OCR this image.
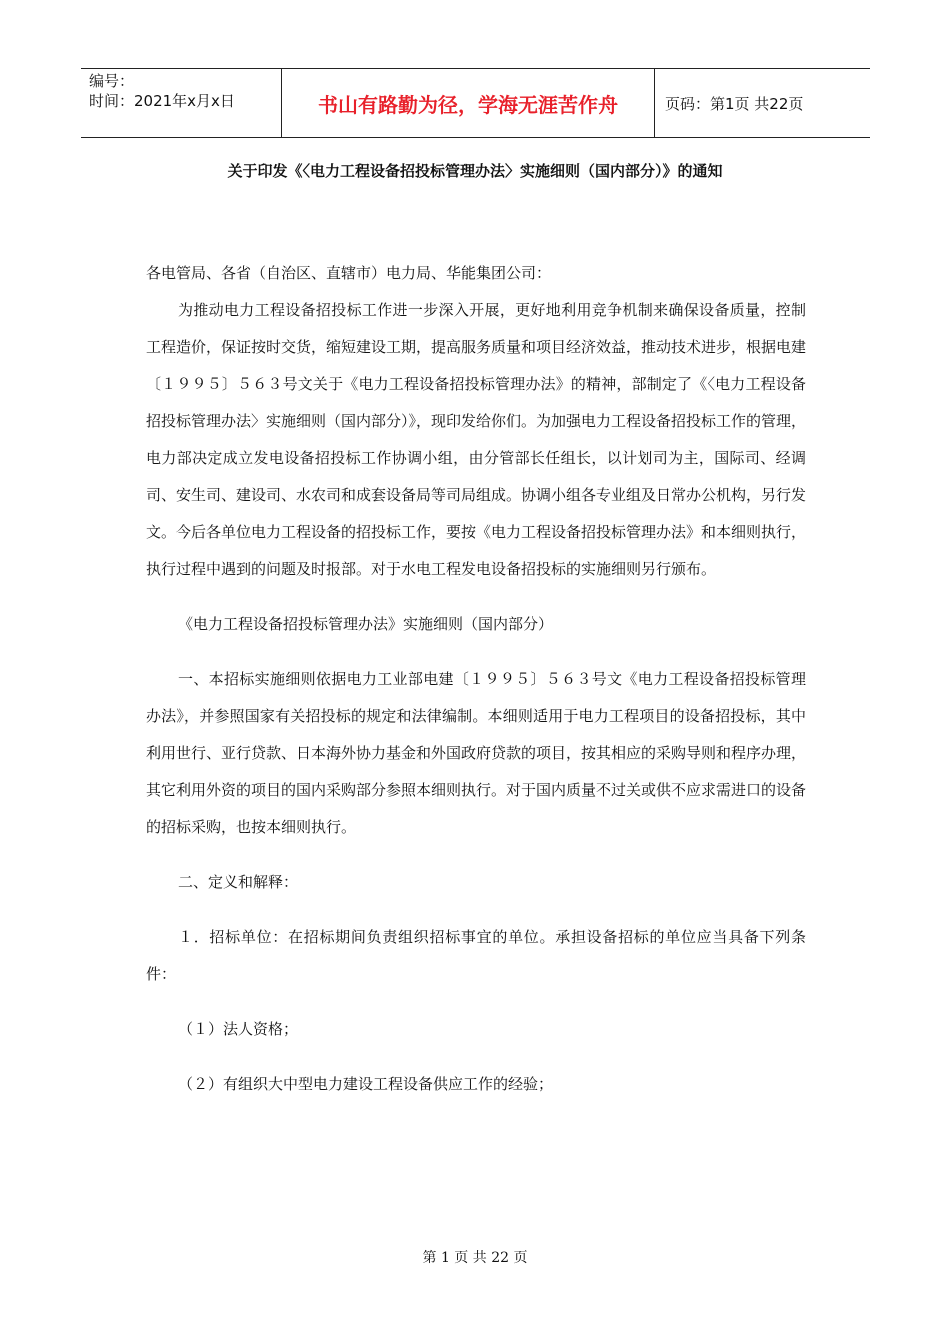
编号：
时间：2021年x月x日	书山有路勤为径，学海无涯苦作舟	页码：第1页 共22页
关于印发《〈电力工程设备招投标管理办法〉实施细则（国内部分）》的通知

各电管局、各省（自治区、直辖市）电力局、华能集团公司：

为推动电力工程设备招投标工作进一步深入开展，更好地利用竞争机制来确保设备质量，控制工程造价，保证按时交货，缩短建设工期，提高服务质量和项目经济效益，推动技术进步，根据电建〔１９９５〕５６３号文关于《电力工程设备招投标管理办法》的精神，部制定了《〈电力工程设备招投标管理办法〉实施细则（国内部分）》，现印发给你们。为加强电力工程设备招投标工作的管理，电力部决定成立发电设备招投标工作协调小组，由分管部长任组长，以计划司为主，国际司、经调司、安生司、建设司、水农司和成套设备局等司局组成。协调小组各专业组及日常办公机构，另行发文。今后各单位电力工程设备的招投标工作，要按《电力工程设备招投标管理办法》和本细则执行，执行过程中遇到的问题及时报部。对于水电工程发电设备招投标的实施细则另行颁布。

《电力工程设备招投标管理办法》实施细则（国内部分）

一、本招标实施细则依据电力工业部电建〔１９９５〕５６３号文《电力工程设备招投标管理办法》，并参照国家有关招投标的规定和法律编制。本细则适用于电力工程项目的设备招投标，其中利用世行、亚行贷款、日本海外协力基金和外国政府贷款的项目，按其相应的采购导则和程序办理，其它利用外资的项目的国内采购部分参照本细则执行。对于国内质量不过关或供不应求需进口的设备的招标采购，也按本细则执行。

二、定义和解释：

１．招标单位：在招标期间负责组织招标事宜的单位。承担设备招标的单位应当具备下列条件：

（１）法人资格；

（２）有组织大中型电力建设工程设备供应工作的经验；

第 1 页 共 22 页
